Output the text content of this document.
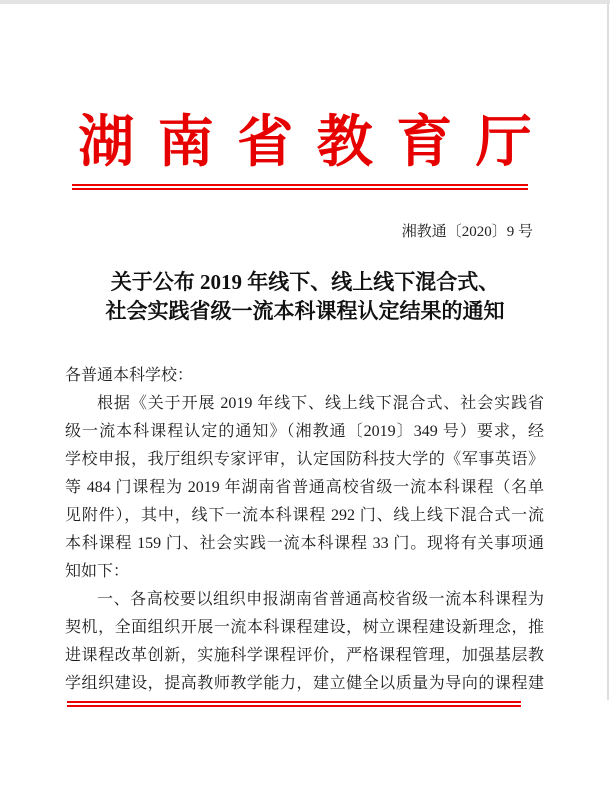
湖南省教育厅
湘教通〔2020〕9 号
关于公布 2019 年线下、线上线下混合式、
社会实践省级一流本科课程认定结果的通知
各普通本科学校：
根据《关于开展 2019 年线下、线上线下混合式、社会实践省
级一流本科课程认定的通知》（湘教通〔2019〕349 号）要求，经
学校申报，我厅组织专家评审，认定国防科技大学的《军事英语》
等 484 门课程为 2019 年湖南省普通高校省级一流本科课程（名单
见附件），其中，线下一流本科课程 292 门、线上线下混合式一流
本科课程 159 门、社会实践一流本科课程 33 门。现将有关事项通
知如下：
一、各高校要以组织申报湖南省普通高校省级一流本科课程为
契机，全面组织开展一流本科课程建设，树立课程建设新理念，推
进课程改革创新，实施科学课程评价，严格课程管理，加强基层教
学组织建设，提高教师教学能力，建立健全以质量为导向的课程建
